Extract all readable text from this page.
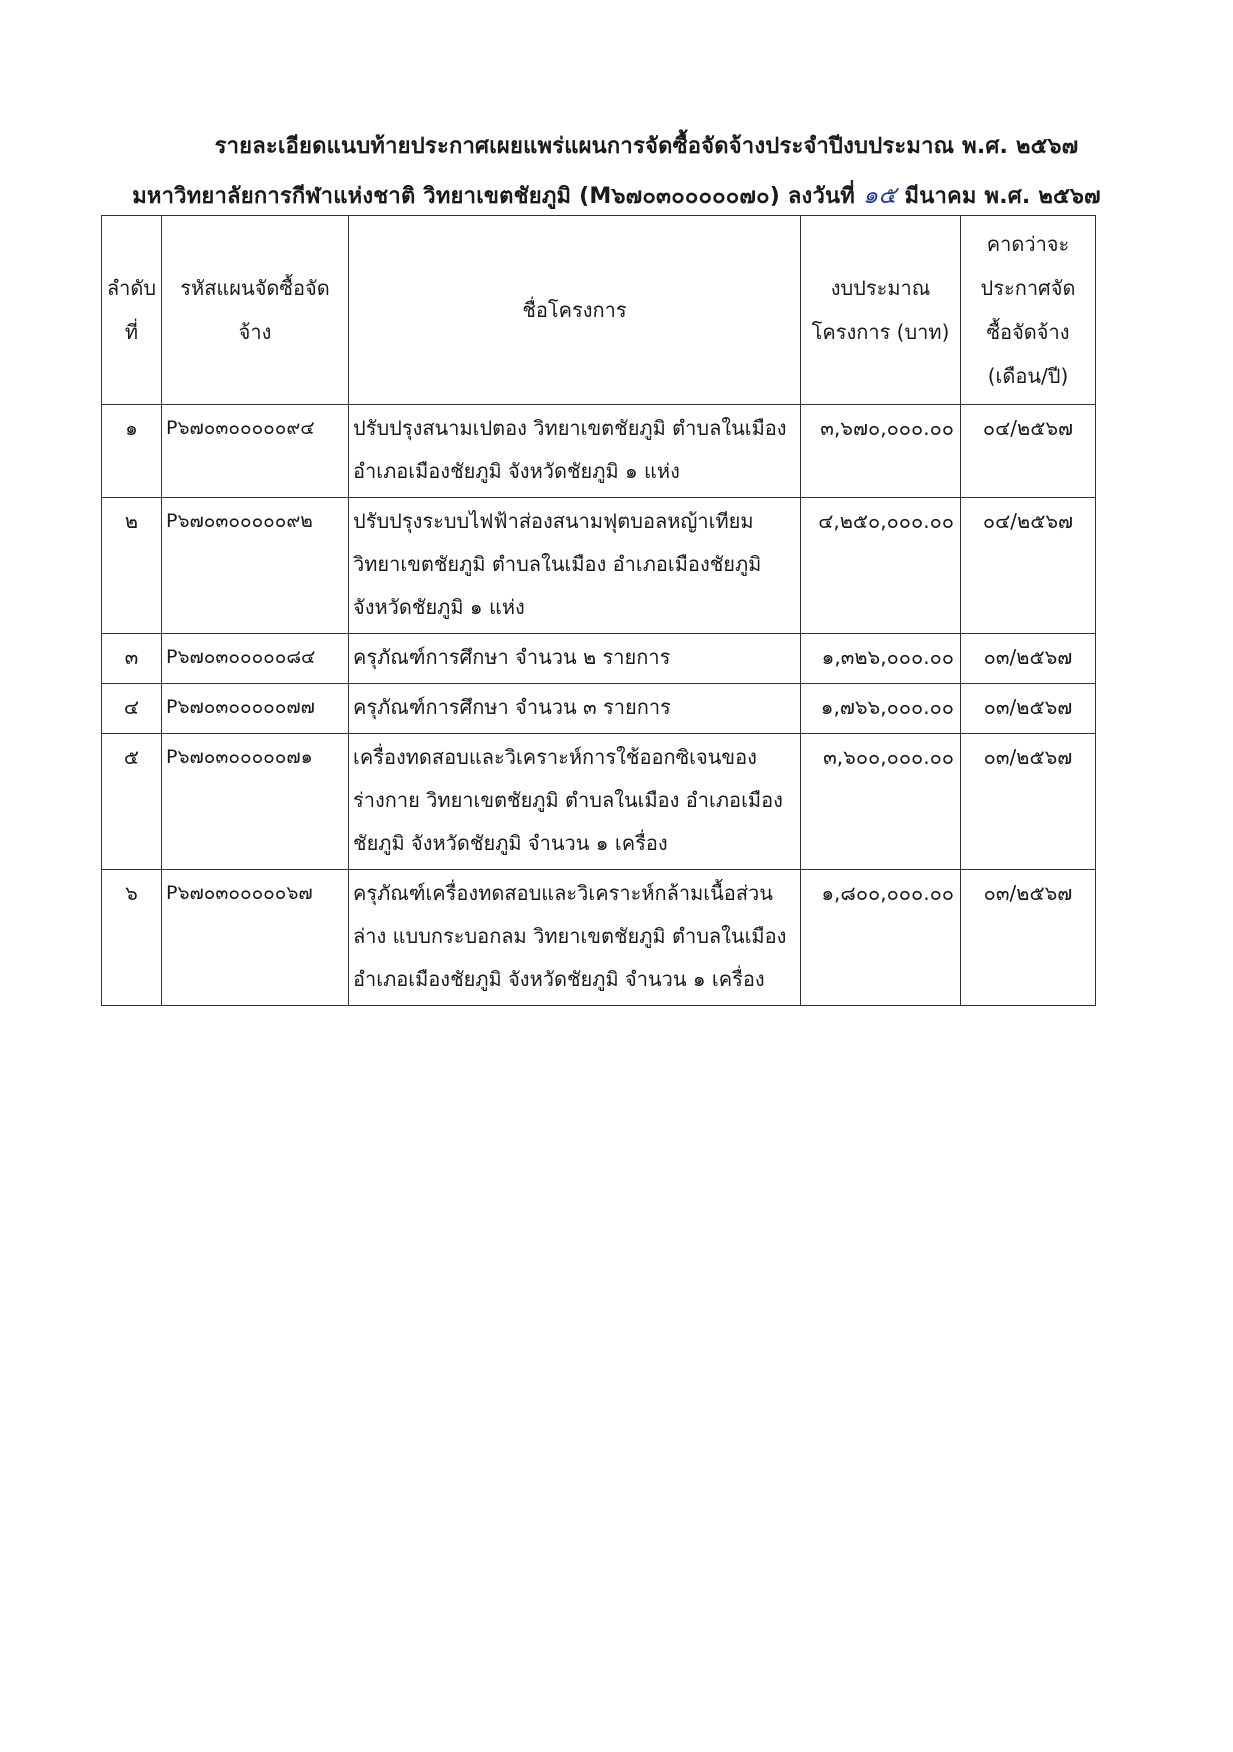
รายละเอียดแนบท้ายประกาศเผยแพร่แผนการจัดซื้อจัดจ้างประจำปีงบประมาณ พ.ศ. ๒๕๖๗
มหาวิทยาลัยการกีฬาแห่งชาติ วิทยาเขตชัยภูมิ (M๖๗๐๓๐๐๐๐๐๗๐) ลงวันที่ ๑๕ มีนาคม พ.ศ. ๒๕๖๗
ลำดับ ที่	รหัสแผนจัดซื้อจัด จ้าง	ชื่อโครงการ	งบประมาณ โครงการ (บาท)	คาดว่าจะ ประกาศจัด ซื้อจัดจ้าง (เดือน/ปี)
๑	P๖๗๐๓๐๐๐๐๐๙๔	ปรับปรุงสนามเปตอง วิทยาเขตชัยภูมิ ตำบลในเมือง อำเภอเมืองชัยภูมิ จังหวัดชัยภูมิ ๑ แห่ง	๓,๖๗๐,๐๐๐.๐๐	๐๔/๒๕๖๗
๒	P๖๗๐๓๐๐๐๐๐๙๒	ปรับปรุงระบบไฟฟ้าส่องสนามฟุตบอลหญ้าเทียม วิทยาเขตชัยภูมิ ตำบลในเมือง อำเภอเมืองชัยภูมิ จังหวัดชัยภูมิ ๑ แห่ง	๔,๒๕๐,๐๐๐.๐๐	๐๔/๒๕๖๗
๓	P๖๗๐๓๐๐๐๐๐๘๔	ครุภัณฑ์การศึกษา จำนวน ๒ รายการ	๑,๓๒๖,๐๐๐.๐๐	๐๓/๒๕๖๗
๔	P๖๗๐๓๐๐๐๐๐๗๗	ครุภัณฑ์การศึกษา จำนวน ๓ รายการ	๑,๗๖๖,๐๐๐.๐๐	๐๓/๒๕๖๗
๕	P๖๗๐๓๐๐๐๐๐๗๑	เครื่องทดสอบและวิเคราะห์การใช้ออกซิเจนของร่างกาย วิทยาเขตชัยภูมิ ตำบลในเมือง อำเภอเมืองชัยภูมิ จังหวัดชัยภูมิ จำนวน ๑ เครื่อง	๓,๖๐๐,๐๐๐.๐๐	๐๓/๒๕๖๗
๖	P๖๗๐๓๐๐๐๐๐๖๗	ครุภัณฑ์เครื่องทดสอบและวิเคราะห์กล้ามเนื้อส่วนล่าง แบบกระบอกลม วิทยาเขตชัยภูมิ ตำบลในเมือง อำเภอเมืองชัยภูมิ จังหวัดชัยภูมิ จำนวน ๑ เครื่อง	๑,๘๐๐,๐๐๐.๐๐	๐๓/๒๕๖๗
